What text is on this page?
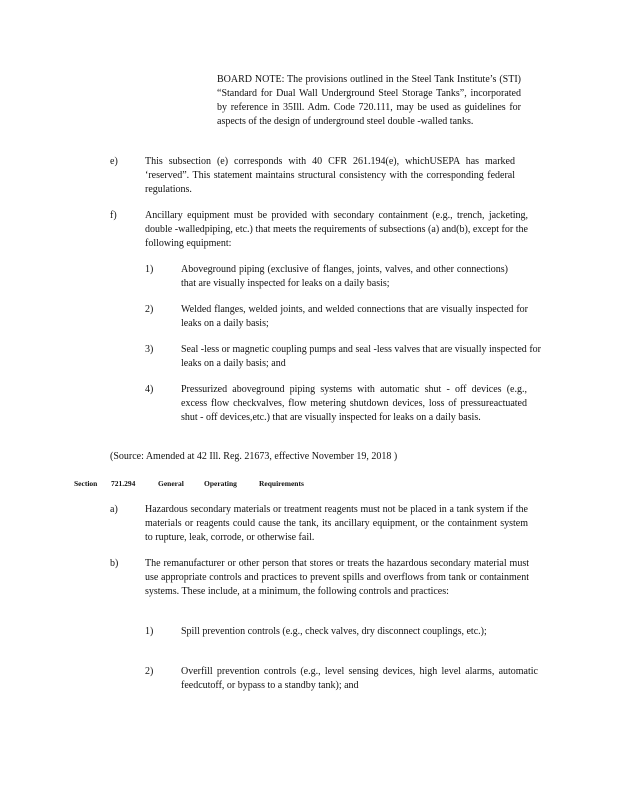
BOARD NOTE: The provisions outlined in the Steel Tank Institute’s (STI) “Standard for Dual Wall Underground Steel Storage Tanks”, incorporated by reference in 35Ill. Adm. Code 720.111, may be used as guidelines for aspects of the design of underground steel double -walled tanks.

e)	This subsection (e) corresponds with 40 CFR 261.194(e), whichUSEPA has marked ‘reserved”. This statement maintains structural consistency with the corresponding federal regulations.

f)	Ancillary equipment must be provided with secondary containment (e.g., trench, jacketing, double -walledpiping, etc.) that meets the requirements of subsections (a) and(b), except for the following equipment:

1)	Aboveground piping (exclusive of flanges, joints, valves, and other connections) that are visually inspected for leaks on a daily basis;

2)	Welded flanges, welded joints, and welded connections that are visually inspected for leaks on a daily basis;

3)	Seal -less or magnetic coupling pumps and seal -less valves that are visually inspected for leaks on a daily basis; and

4)	Pressurized aboveground piping systems with automatic shut - off devices (e.g., excess flow checkvalves, flow metering shutdown devices, loss of pressureactuated shut - off devices,etc.) that are visually inspected for leaks on a daily basis.

(Source: Amended at 42 Ill. Reg. 21673, effective November 19, 2018 )

Section 721.294	General	Operating	Requirements
a)	Hazardous secondary materials or treatment reagents must not be placed in a tank system if the materials or reagents could cause the tank, its ancillary equipment, or the containment system to rupture, leak, corrode, or otherwise fail.

b)	The remanufacturer or other person that stores or treats the hazardous secondary material must use appropriate controls and practices to prevent spills and overflows from tank or containment systems. These include, at a minimum, the following controls and practices:

1)	Spill prevention controls (e.g., check valves, dry disconnect couplings, etc.);

2)	Overfill prevention controls (e.g., level sensing devices, high level alarms, automatic feedcutoff, or bypass to a standby tank); and
